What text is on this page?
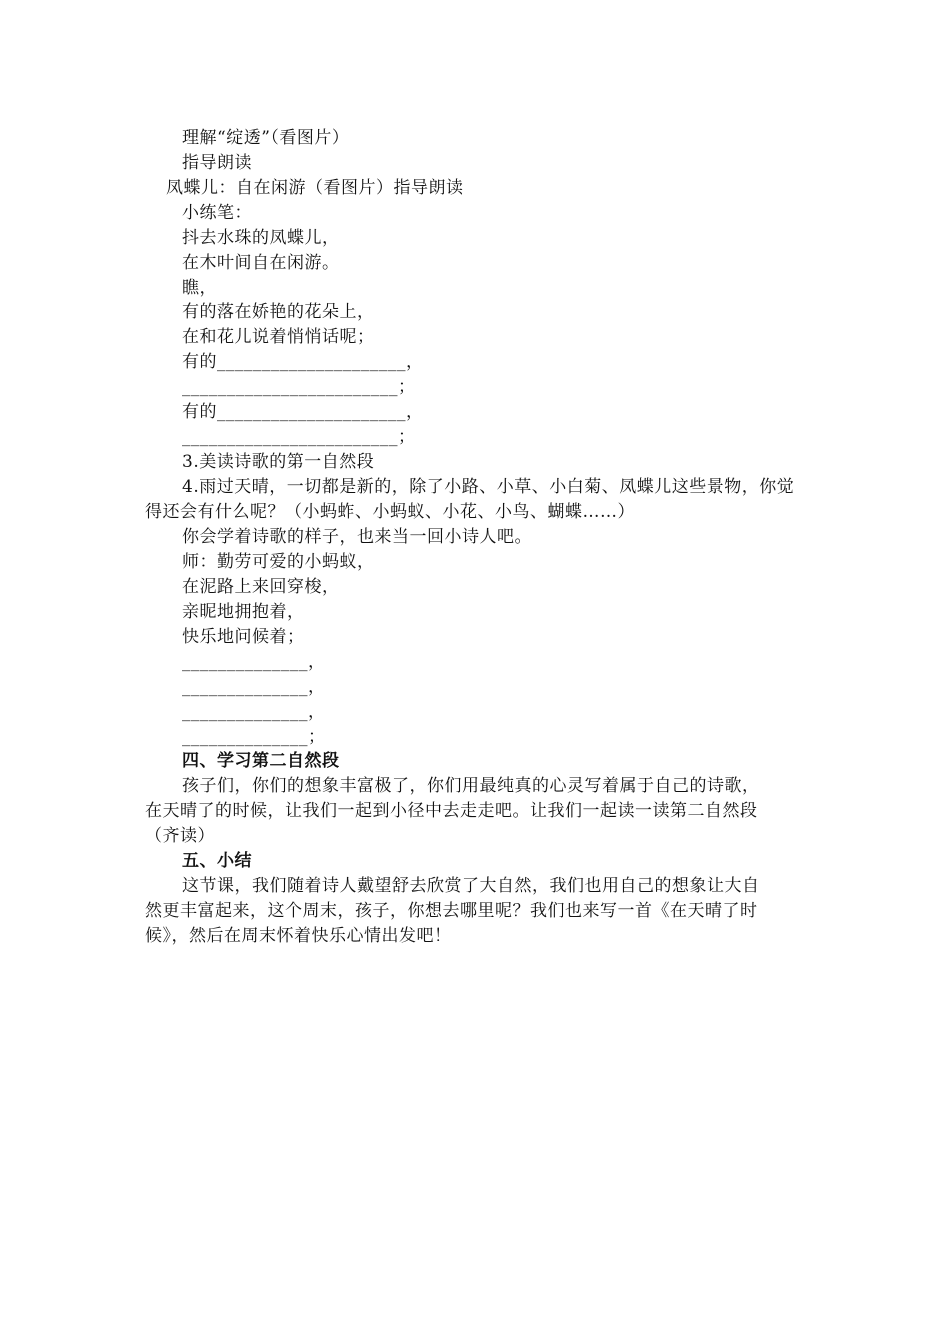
理解“绽透”（看图片）
指导朗读
凤蝶儿：自在闲游（看图片）指导朗读
小练笔：
抖去水珠的凤蝶儿，
在木叶间自在闲游。
瞧，
有的落在娇艳的花朵上，
在和花儿说着悄悄话呢；
有的_____________________，
________________________；
有的_____________________，
________________________；
3.美读诗歌的第一自然段
4.雨过天晴，一切都是新的，除了小路、小草、小白菊、凤蝶儿这些景物，你觉
得还会有什么呢？（小蚂蚱、小蚂蚁、小花、小鸟、蝴蝶……）
你会学着诗歌的样子，也来当一回小诗人吧。
师：勤劳可爱的小蚂蚁，
在泥路上来回穿梭，
亲昵地拥抱着，
快乐地问候着；
______________，
______________，
______________，
______________；
四、学习第二自然段
孩子们，你们的想象丰富极了，你们用最纯真的心灵写着属于自己的诗歌，
在天晴了的时候，让我们一起到小径中去走走吧。让我们一起读一读第二自然段
（齐读）
五、小结
这节课，我们随着诗人戴望舒去欣赏了大自然，我们也用自己的想象让大自
然更丰富起来，这个周末，孩子，你想去哪里呢？我们也来写一首《在天晴了时
候》，然后在周末怀着快乐心情出发吧！
